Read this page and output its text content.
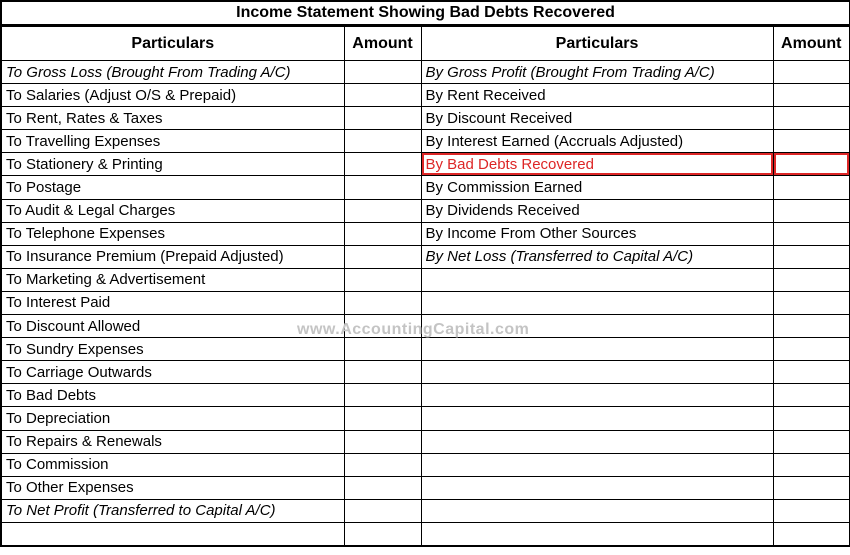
Income Statement Showing Bad Debts Recovered			
Particulars	Amount	Particulars	Amount
To Gross Loss (Brought From Trading A/C)		By Gross Profit (Brought From Trading A/C)	
To Salaries (Adjust O/S & Prepaid)		By Rent Received	
To Rent, Rates & Taxes		By Discount Received	
To Travelling Expenses		By Interest Earned (Accruals Adjusted)	
To Stationery & Printing		By Bad Debts Recovered	
To Postage		By Commission Earned	
To Audit & Legal Charges		By Dividends Received	
To Telephone Expenses		By Income From Other Sources	
To Insurance Premium (Prepaid Adjusted)		By Net Loss (Transferred to Capital A/C)	
To Marketing & Advertisement			
To Interest Paid			
To Discount Allowed			
To Sundry Expenses			
To Carriage Outwards			
To Bad Debts			
To Depreciation			
To Repairs & Renewals			
To Commission			
To Other Expenses			
To Net Profit (Transferred to Capital A/C)			

www.AccountingCapital.com
